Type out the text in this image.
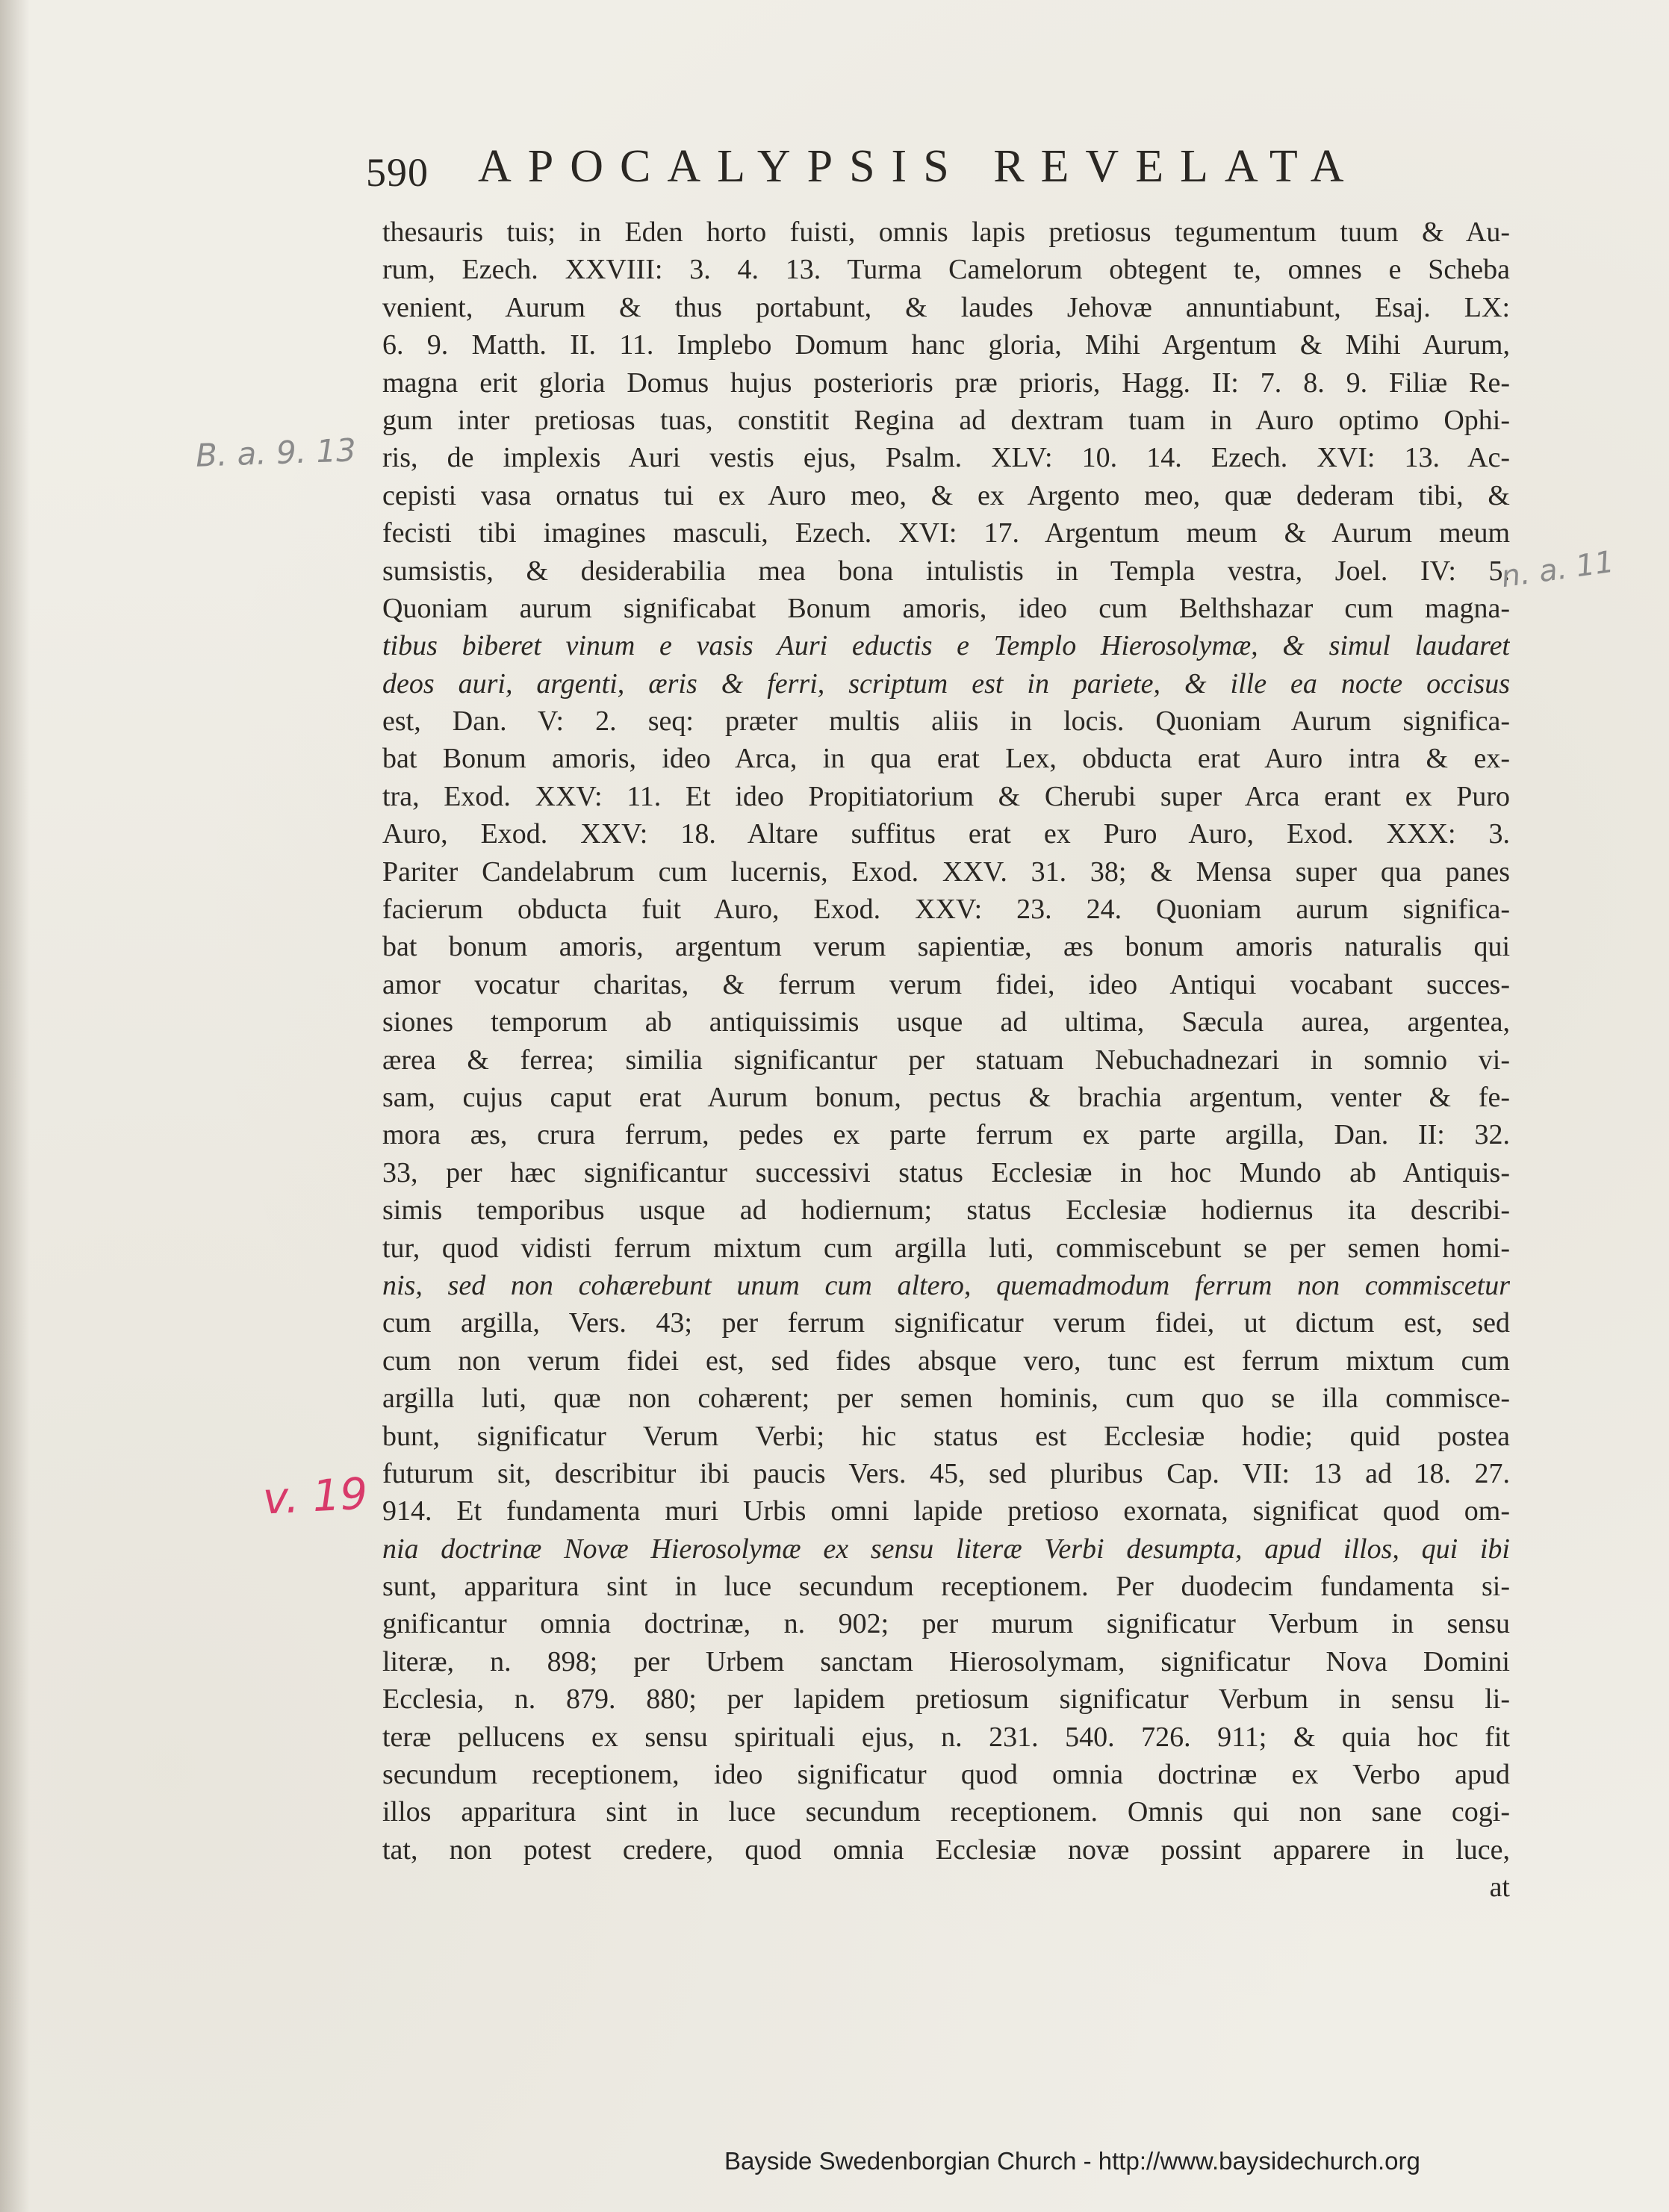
590 APOCALYPSIS REVELATA
thesauris tuis; in Eden horto fuisti, omnis lapis pretiosus tegumentum tuum & Au-
rum, Ezech. XXVIII: 3. 4. 13. Turma Camelorum obtegent te, omnes e Scheba
venient, Aurum & thus portabunt, & laudes Jehovæ annuntiabunt, Esaj. LX:
6. 9. Matth. II. 11. Implebo Domum hanc gloria, Mihi Argentum & Mihi Aurum,
magna erit gloria Domus hujus posterioris præ prioris, Hagg. II: 7. 8. 9. Filiæ Re-
gum inter pretiosas tuas, constitit Regina ad dextram tuam in Auro optimo Ophi-
ris, de implexis Auri vestis ejus, Psalm. XLV: 10. 14. Ezech. XVI: 13. Ac-
cepisti vasa ornatus tui ex Auro meo, & ex Argento meo, quæ dederam tibi, &
fecisti tibi imagines masculi, Ezech. XVI: 17. Argentum meum & Aurum meum
sumsistis, & desiderabilia mea bona intulistis in Templa vestra, Joel. IV: 5.
Quoniam aurum significabat Bonum amoris, ideo cum Belthshazar cum magna-
tibus biberet vinum e vasis Auri eductis e Templo Hierosolymæ, & simul laudaret
deos auri, argenti, æris & ferri, scriptum est in pariete, & ille ea nocte occisus
est, Dan. V: 2. seq: præter multis aliis in locis. Quoniam Aurum significa-
bat Bonum amoris, ideo Arca, in qua erat Lex, obducta erat Auro intra & ex-
tra, Exod. XXV: 11. Et ideo Propitiatorium & Cherubi super Arca erant ex Puro
Auro, Exod. XXV: 18. Altare suffitus erat ex Puro Auro, Exod. XXX: 3.
Pariter Candelabrum cum lucernis, Exod. XXV. 31. 38; & Mensa super qua panes
facierum obducta fuit Auro, Exod. XXV: 23. 24. Quoniam aurum significa-
bat bonum amoris, argentum verum sapientiæ, æs bonum amoris naturalis qui
amor vocatur charitas, & ferrum verum fidei, ideo Antiqui vocabant succes-
siones temporum ab antiquissimis usque ad ultima, Sæcula aurea, argentea,
ærea & ferrea; similia significantur per statuam Nebuchadnezari in somnio vi-
sam, cujus caput erat Aurum bonum, pectus & brachia argentum, venter & fe-
mora æs, crura ferrum, pedes ex parte ferrum ex parte argilla, Dan. II: 32.
33, per hæc significantur successivi status Ecclesiæ in hoc Mundo ab Antiquis-
simis temporibus usque ad hodiernum; status Ecclesiæ hodiernus ita describi-
tur, quod vidisti ferrum mixtum cum argilla luti, commiscebunt se per semen homi-
nis, sed non cohærebunt unum cum altero, quemadmodum ferrum non commiscetur
cum argilla, Vers. 43; per ferrum significatur verum fidei, ut dictum est, sed
cum non verum fidei est, sed fides absque vero, tunc est ferrum mixtum cum
argilla luti, quæ non cohærent; per semen hominis, cum quo se illa commisce-
bunt, significatur Verum Verbi; hic status est Ecclesiæ hodie; quid postea
futurum sit, describitur ibi paucis Vers. 45, sed pluribus Cap. VII: 13 ad 18. 27.
914. Et fundamenta muri Urbis omni lapide pretioso exornata, significat quod om-
nia doctrinæ Novæ Hierosolymæ ex sensu literæ Verbi desumpta, apud illos, qui ibi
sunt, apparitura sint in luce secundum receptionem. Per duodecim fundamenta si-
gnificantur omnia doctrinæ, n. 902; per murum significatur Verbum in sensu
literæ, n. 898; per Urbem sanctam Hierosolymam, significatur Nova Domini
Ecclesia, n. 879. 880; per lapidem pretiosum significatur Verbum in sensu li-
teræ pellucens ex sensu spirituali ejus, n. 231. 540. 726. 911; & quia hoc fit
secundum receptionem, ideo significatur quod omnia doctrinæ ex Verbo apud
illos apparitura sint in luce secundum receptionem. Omnis qui non sane cogi-
tat, non potest credere, quod omnia Ecclesiæ novæ possint apparere in luce,
at
B. a. 9. 13
n. a. 11
v. 19
Bayside Swedenborgian Church - http://www.baysidechurch.org
